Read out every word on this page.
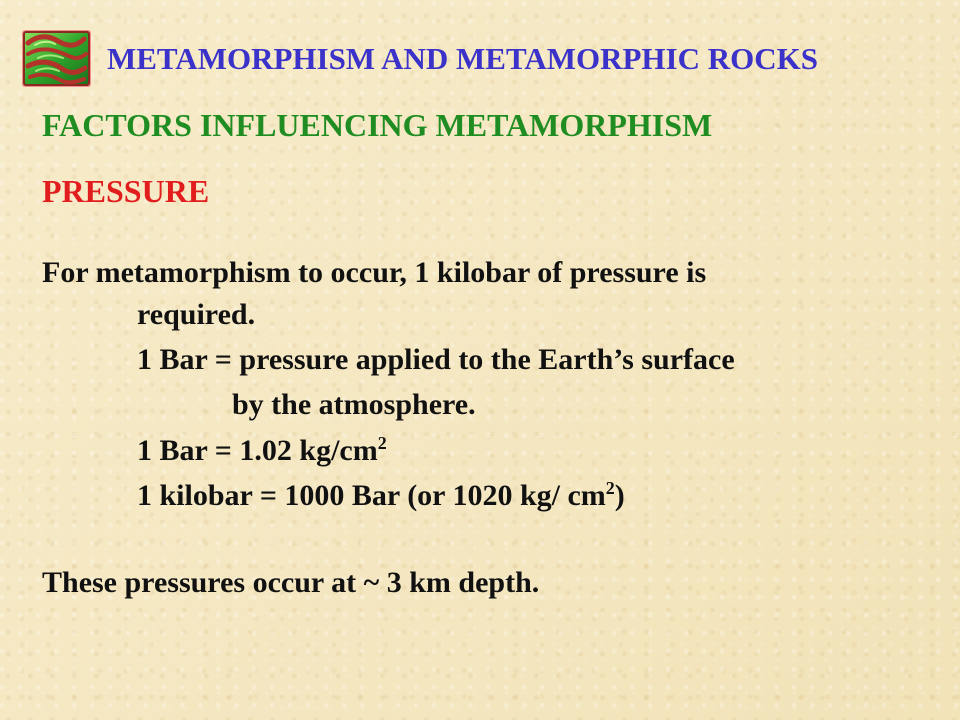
METAMORPHISM AND METAMORPHIC ROCKS
FACTORS INFLUENCING METAMORPHISM
PRESSURE
For metamorphism to occur, 1 kilobar of pressure is
required.
1 Bar = pressure applied to the Earth’s surface
by the atmosphere.
1 Bar = 1.02 $kg/cm^2$
1 kilobar = 1000 Bar (or 1020 kg/ $cm^2$)
These pressures occur at ~ 3 km depth.
